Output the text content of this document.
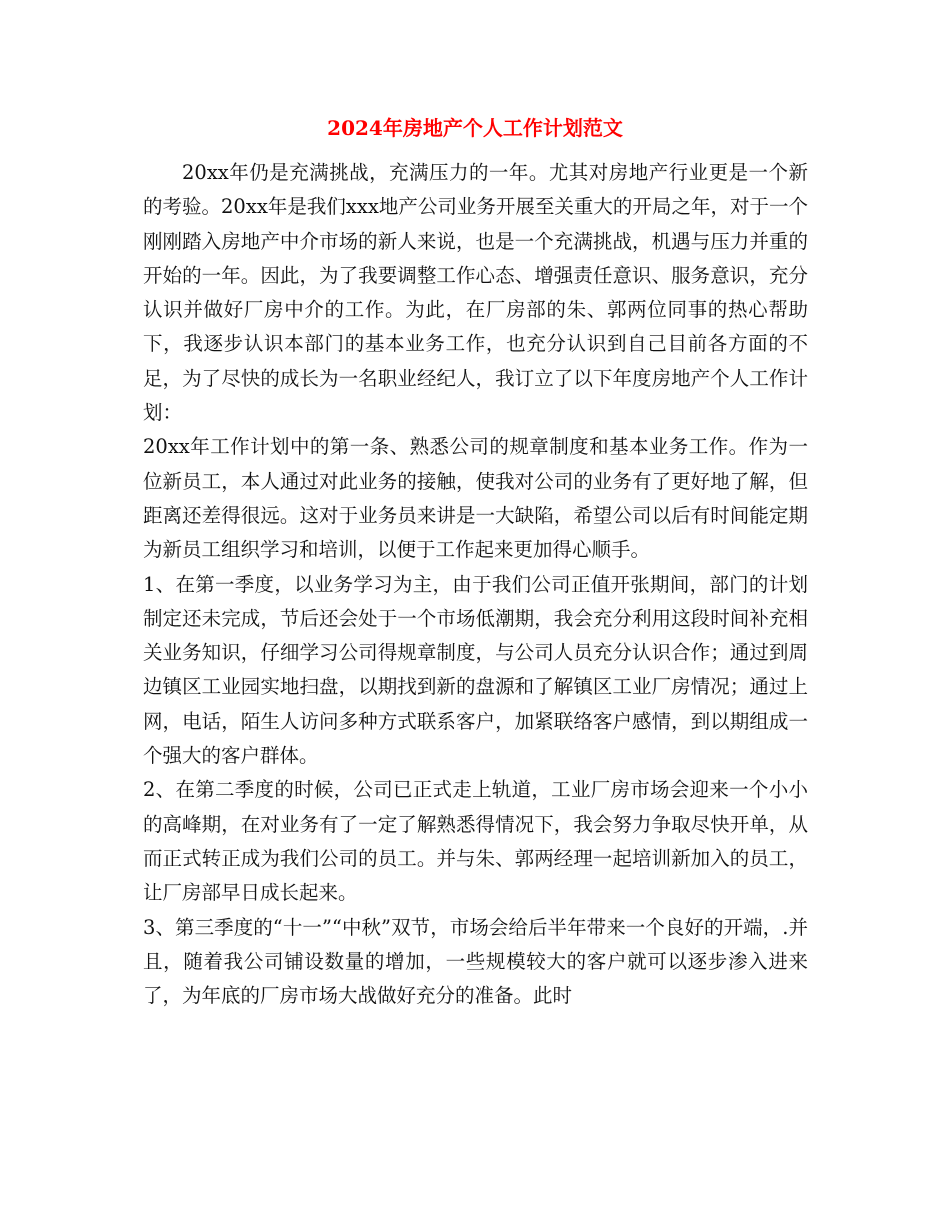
2024年房地产个人工作计划范文

20xx年仍是充满挑战，充满压力的一年。尤其对房地产行业更是一个新的考验。20xx年是我们xxx地产公司业务开展至关重大的开局之年，对于一个刚刚踏入房地产中介市场的新人来说，也是一个充满挑战，机遇与压力并重的开始的一年。因此，为了我要调整工作心态、增强责任意识、服务意识，充分认识并做好厂房中介的工作。为此，在厂房部的朱、郭两位同事的热心帮助下，我逐步认识本部门的基本业务工作，也充分认识到自己目前各方面的不足，为了尽快的成长为一名职业经纪人，我订立了以下年度房地产个人工作计划：

20xx年工作计划中的第一条、熟悉公司的规章制度和基本业务工作。作为一位新员工，本人通过对此业务的接触，使我对公司的业务有了更好地了解，但距离还差得很远。这对于业务员来讲是一大缺陷，希望公司以后有时间能定期为新员工组织学习和培训，以便于工作起来更加得心顺手。

1、在第一季度，以业务学习为主，由于我们公司正值开张期间，部门的计划制定还未完成，节后还会处于一个市场低潮期，我会充分利用这段时间补充相关业务知识，仔细学习公司得规章制度，与公司人员充分认识合作；通过到周边镇区工业园实地扫盘，以期找到新的盘源和了解镇区工业厂房情况；通过上网，电话，陌生人访问多种方式联系客户，加紧联络客户感情，到以期组成一个强大的客户群体。

2、在第二季度的时候，公司已正式走上轨道，工业厂房市场会迎来一个小小的高峰期，在对业务有了一定了解熟悉得情况下，我会努力争取尽快开单，从而正式转正成为我们公司的员工。并与朱、郭两经理一起培训新加入的员工，让厂房部早日成长起来。

3、第三季度的“十一”“中秋”双节，市场会给后半年带来一个良好的开端，.并且，随着我公司铺设数量的增加，一些规模较大的客户就可以逐步渗入进来了，为年底的厂房市场大战做好充分的准备。此时
